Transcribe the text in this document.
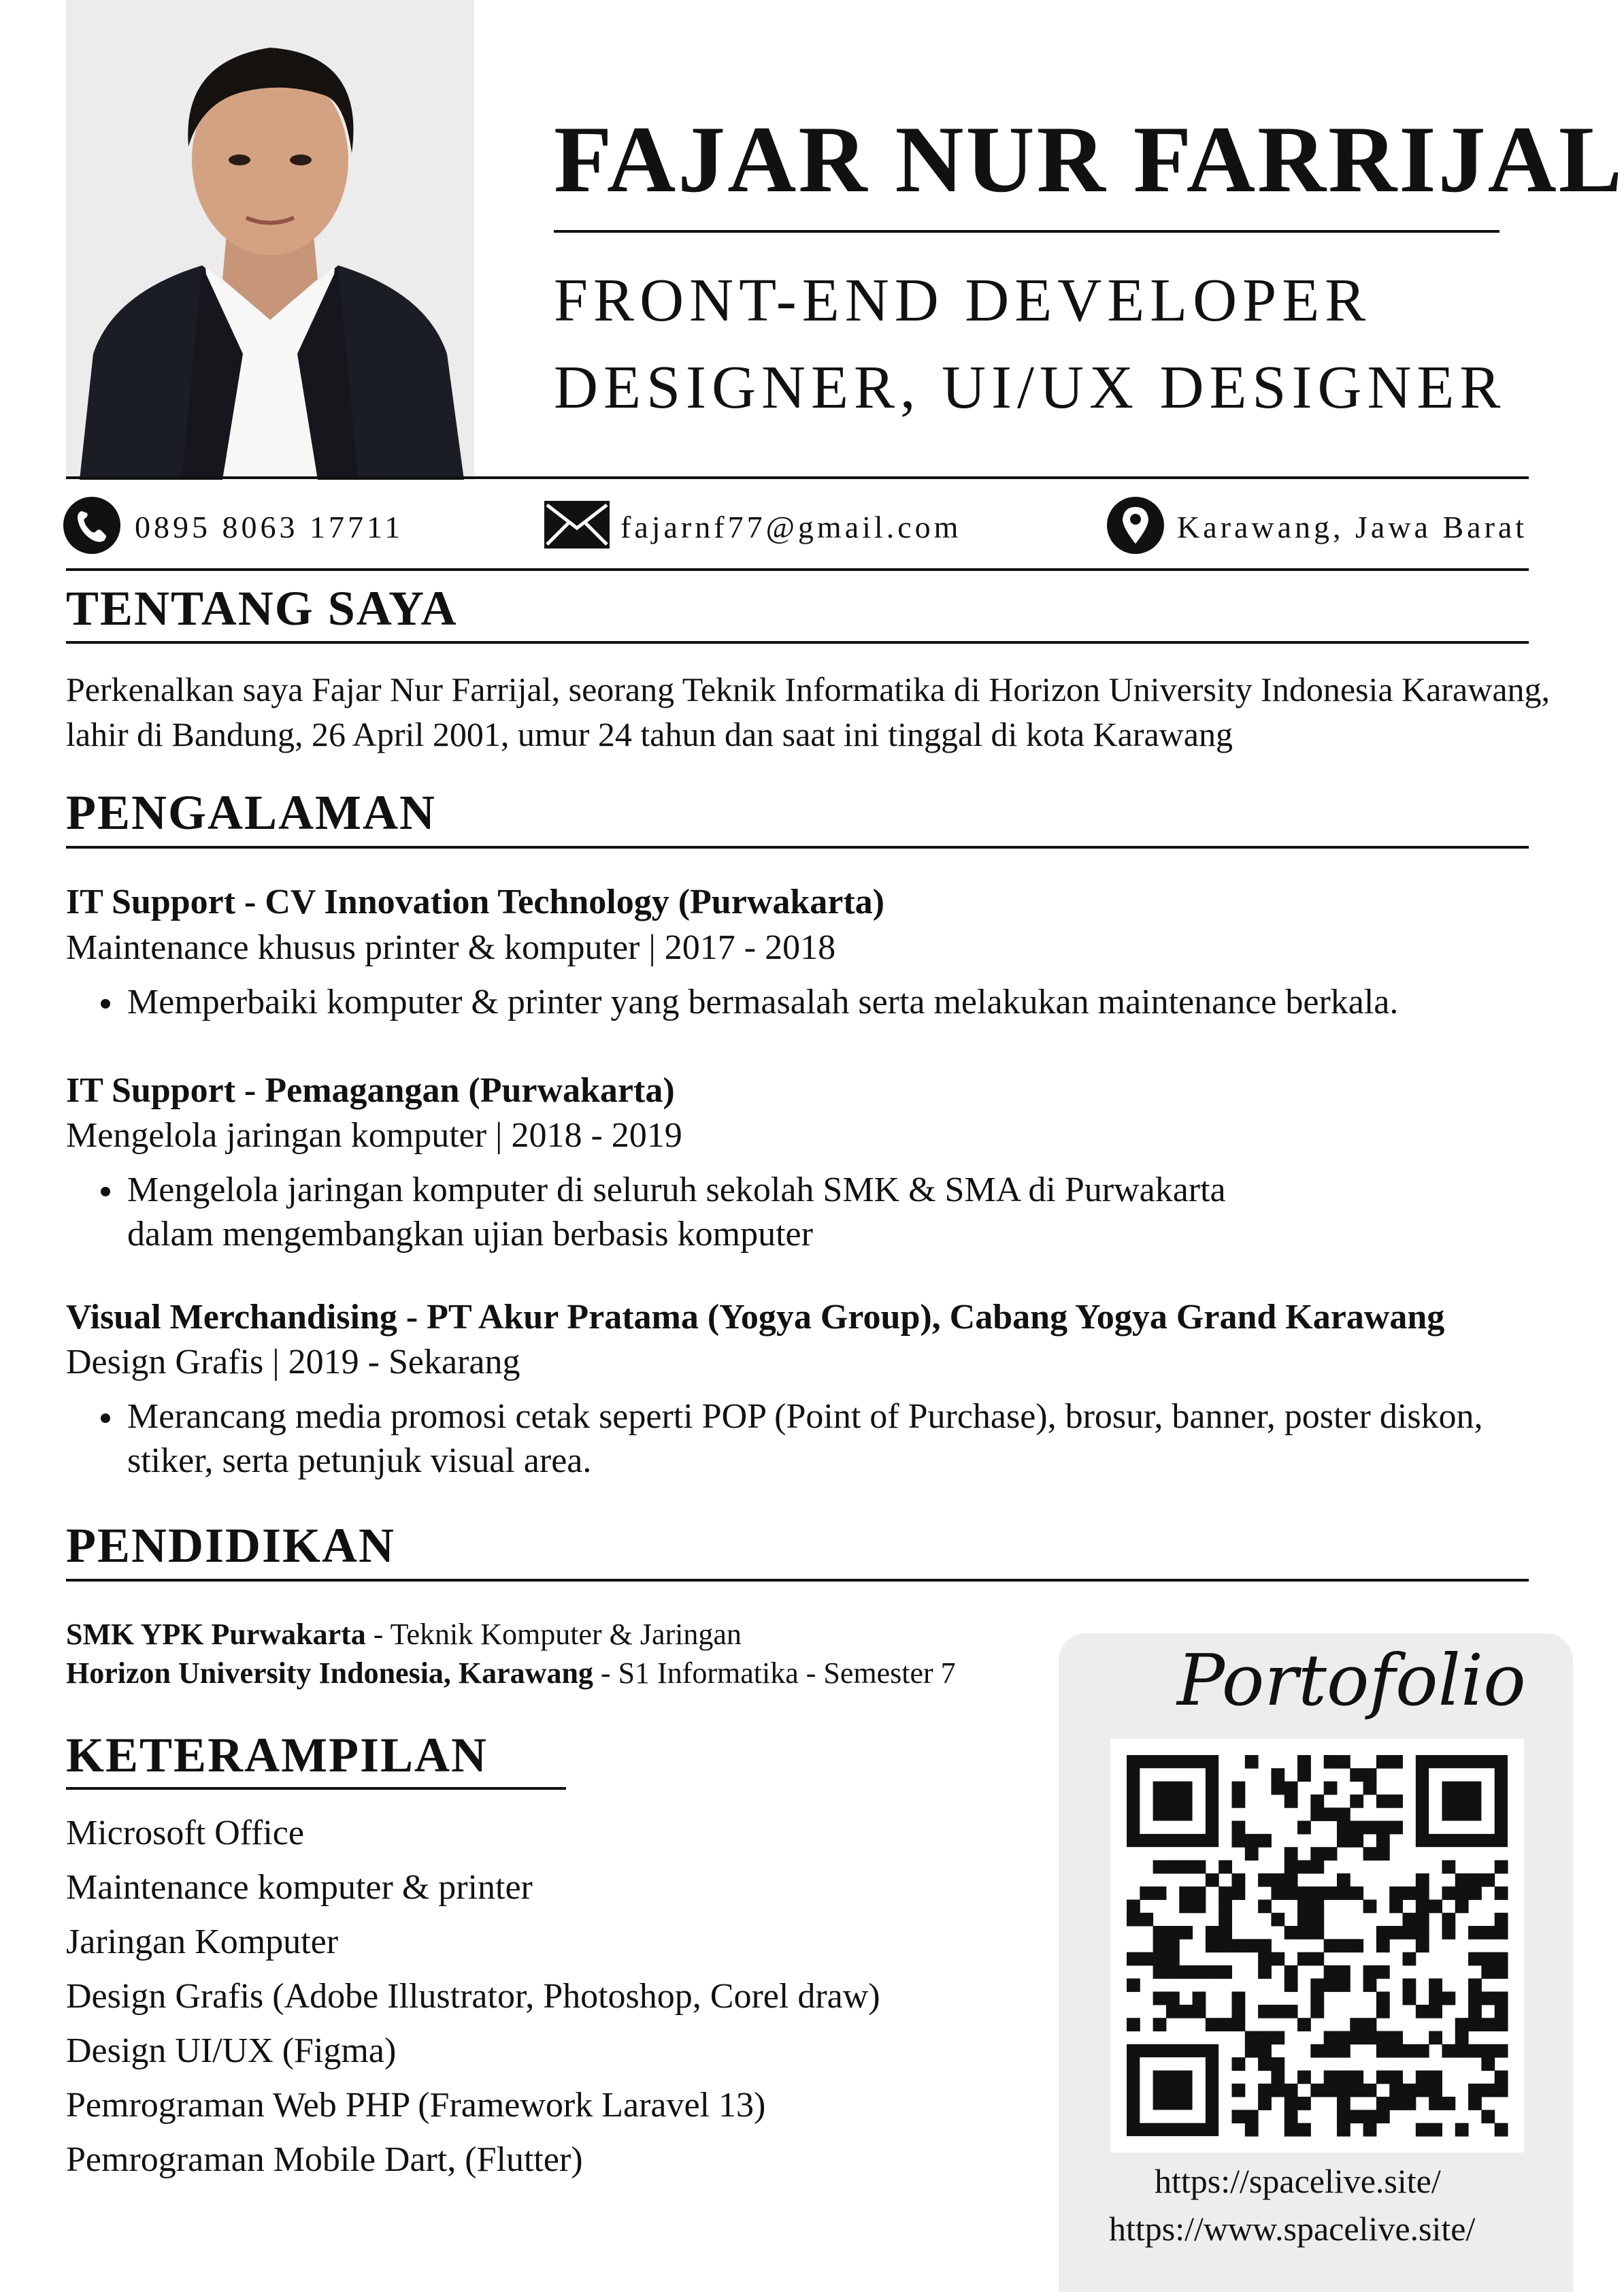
FAJAR NUR FARRIJAL
FRONT-END DEVELOPER
DESIGNER, UI/UX DESIGNER
0895 8063 17711	fajarnf77@gmail.com	Karawang, Jawa Barat
TENTANG SAYA
Perkenalkan saya Fajar Nur Farrijal, seorang Teknik Informatika di Horizon University Indonesia Karawang,
lahir di Bandung, 26 April 2001, umur 24 tahun dan saat ini tinggal di kota Karawang
PENGALAMAN
IT Support - CV Innovation Technology (Purwakarta)
Maintenance khusus printer & komputer | 2017 - 2018
Memperbaiki komputer & printer yang bermasalah serta melakukan maintenance berkala.
IT Support - Pemagangan (Purwakarta)
Mengelola jaringan komputer | 2018 - 2019
Mengelola jaringan komputer di seluruh sekolah SMK & SMA di Purwakarta
dalam mengembangkan ujian berbasis komputer
Visual Merchandising - PT Akur Pratama (Yogya Group), Cabang Yogya Grand Karawang
Design Grafis | 2019 - Sekarang
Merancang media promosi cetak seperti POP (Point of Purchase), brosur, banner, poster diskon,
stiker, serta petunjuk visual area.
PENDIDIKAN
SMK YPK Purwakarta - Teknik Komputer & Jaringan
Horizon University Indonesia, Karawang - S1 Informatika - Semester 7
KETERAMPILAN
Microsoft Office
Maintenance komputer & printer
Jaringan Komputer
Design Grafis (Adobe Illustrator, Photoshop, Corel draw)
Design UI/UX (Figma)
Pemrograman Web PHP (Framework Laravel 13)
Pemrograman Mobile Dart, (Flutter)
Portofolio
https://spacelive.site/
https://www.spacelive.site/
